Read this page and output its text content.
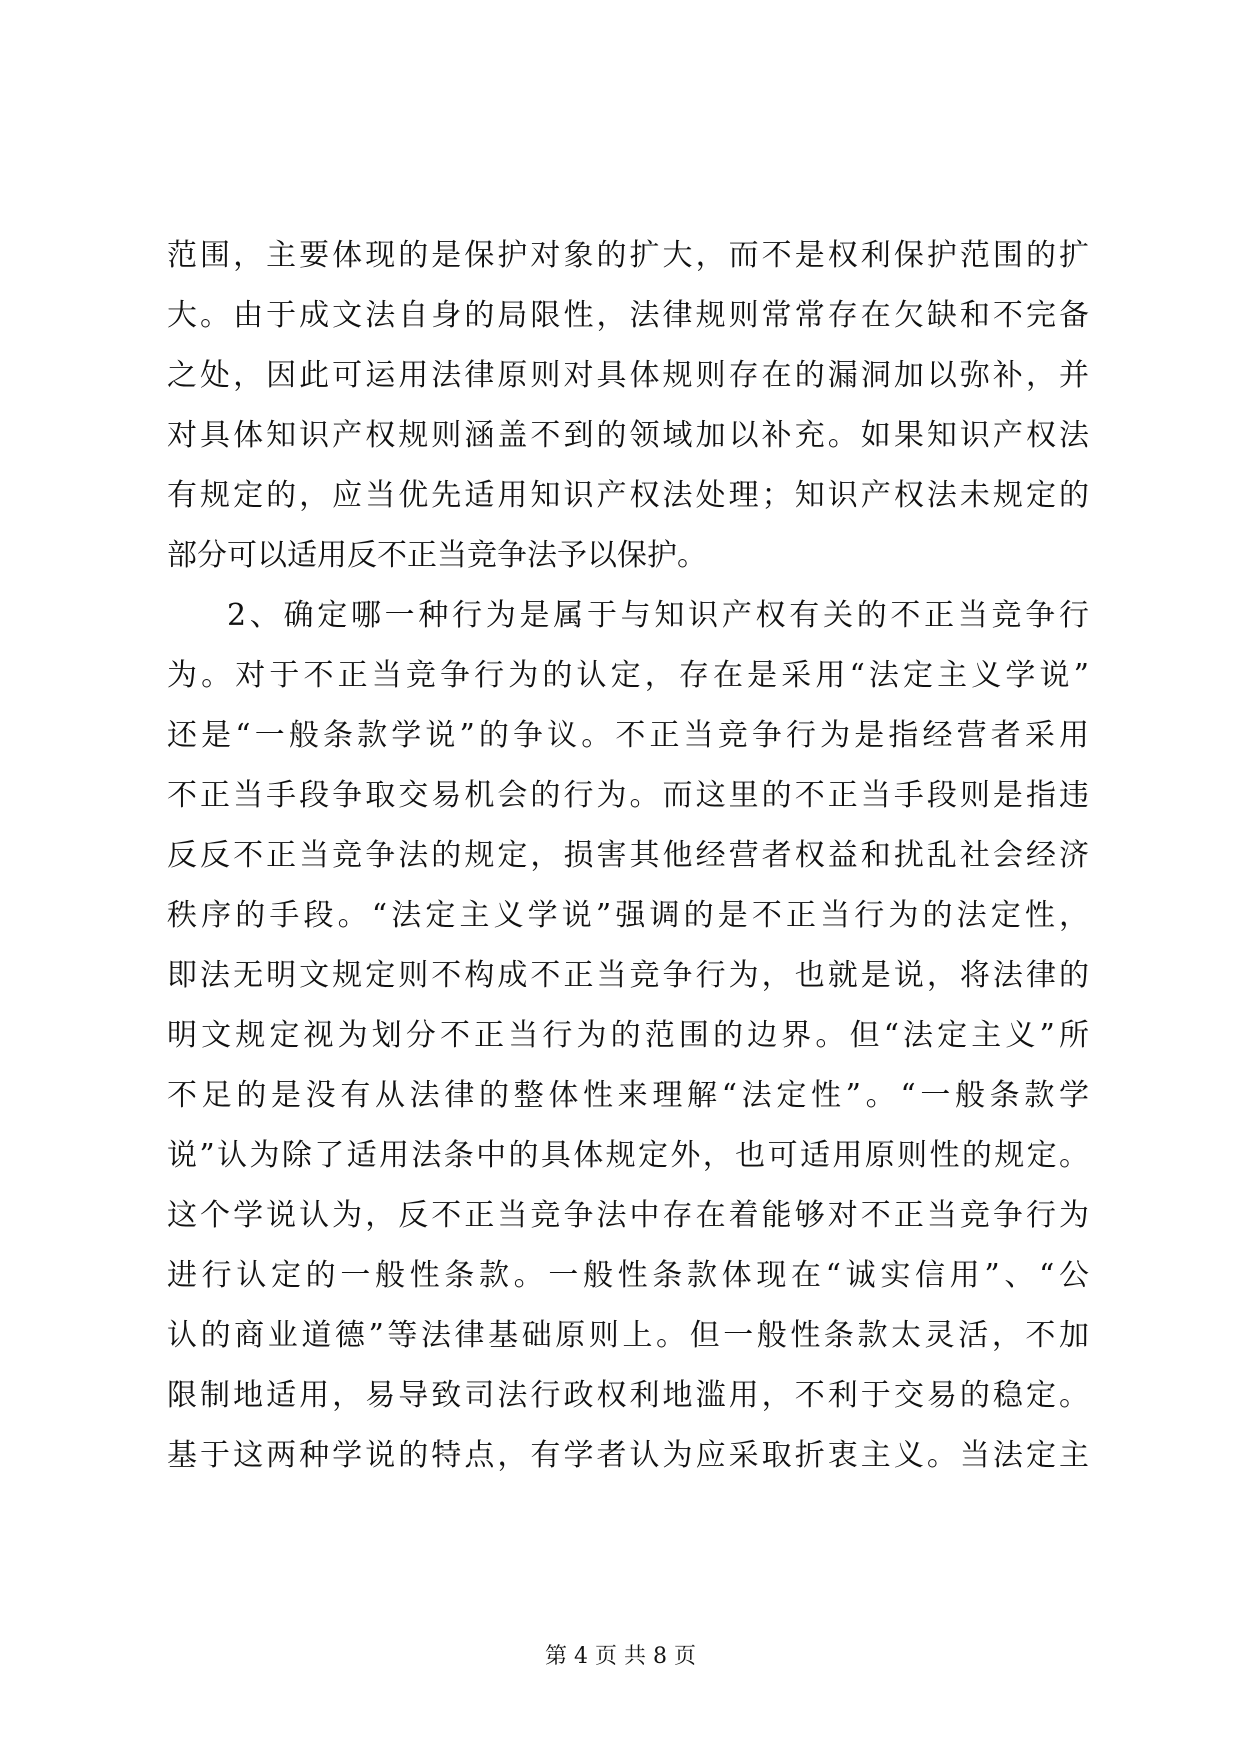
范围，主要体现的是保护对象的扩大，而不是权利保护范围的扩
大。由于成文法自身的局限性，法律规则常常存在欠缺和不完备
之处，因此可运用法律原则对具体规则存在的漏洞加以弥补，并
对具体知识产权规则涵盖不到的领域加以补充。如果知识产权法
有规定的，应当优先适用知识产权法处理；知识产权法未规定的
部分可以适用反不正当竞争法予以保护。
2、确定哪一种行为是属于与知识产权有关的不正当竞争行
为。对于不正当竞争行为的认定，存在是采用“法定主义学说”
还是“一般条款学说”的争议。不正当竞争行为是指经营者采用
不正当手段争取交易机会的行为。而这里的不正当手段则是指违
反反不正当竞争法的规定，损害其他经营者权益和扰乱社会经济
秩序的手段。“法定主义学说”强调的是不正当行为的法定性，
即法无明文规定则不构成不正当竞争行为，也就是说，将法律的
明文规定视为划分不正当行为的范围的边界。但“法定主义”所
不足的是没有从法律的整体性来理解“法定性”。“一般条款学
说”认为除了适用法条中的具体规定外，也可适用原则性的规定。
这个学说认为，反不正当竞争法中存在着能够对不正当竞争行为
进行认定的一般性条款。一般性条款体现在“诚实信用”、“公
认的商业道德”等法律基础原则上。但一般性条款太灵活，不加
限制地适用，易导致司法行政权利地滥用，不利于交易的稳定。
基于这两种学说的特点，有学者认为应采取折衷主义。当法定主
第 4 页 共 8 页
